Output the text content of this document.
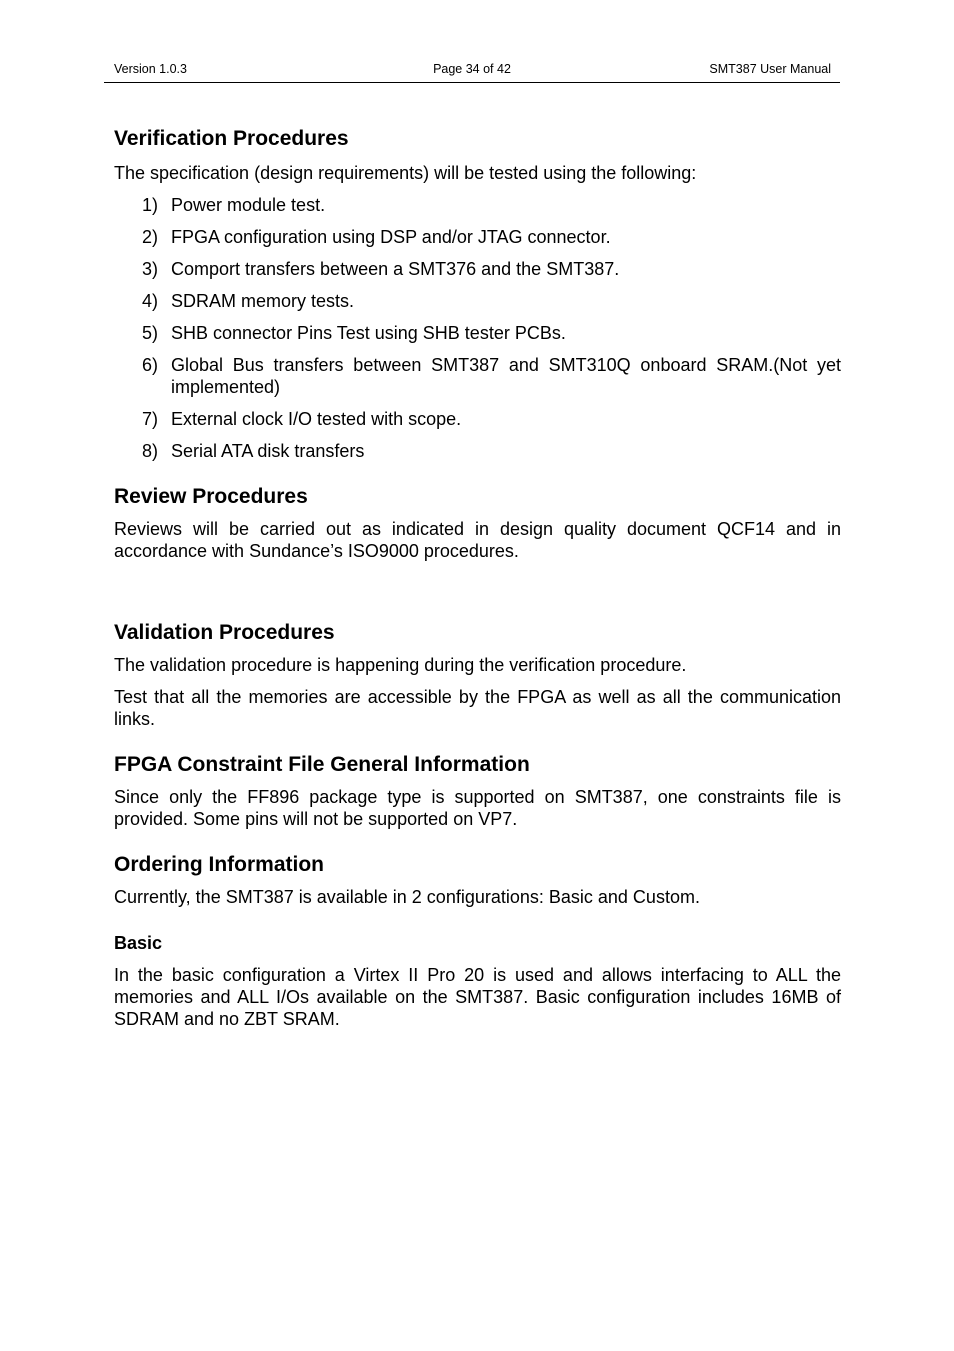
Version 1.0.3	Page 34 of 42	SMT387 User Manual
Verification Procedures

The specification (design requirements) will be tested using the following:

1) Power module test.
2) FPGA configuration using DSP and/or JTAG connector.
3) Comport transfers between a SMT376 and the SMT387.
4) SDRAM memory tests.
5) SHB connector Pins Test using SHB tester PCBs.
6) Global Bus transfers between SMT387 and SMT310Q onboard SRAM.(Not yet implemented)
7) External clock I/O tested with scope.
8) Serial ATA disk transfers
Review Procedures

Reviews will be carried out as indicated in design quality document QCF14 and in accordance with Sundance’s ISO9000 procedures.

Validation Procedures

The validation procedure is happening during the verification procedure.

Test that all the memories are accessible by the FPGA as well as all the communication links.

FPGA Constraint File General Information

Since only the FF896 package type is supported on SMT387, one constraints file is provided. Some pins will not be supported on VP7.

Ordering Information

Currently, the SMT387 is available in 2 configurations: Basic and Custom.

Basic

In the basic configuration a Virtex II Pro 20 is used and allows interfacing to ALL the memories and ALL I/Os available on the SMT387. Basic configuration includes 16MB of SDRAM and no ZBT SRAM.
